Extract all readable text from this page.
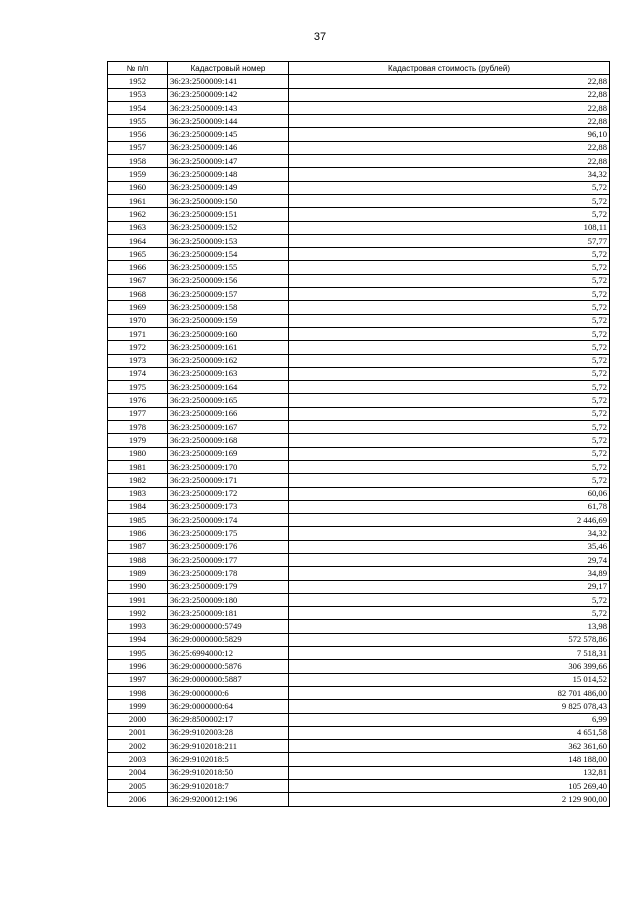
37
№ п/п	Кадастровый номер	Кадастровая стоимость (рублей)
1952	36:23:2500009:141	22,88
1953	36:23:2500009:142	22,88
1954	36:23:2500009:143	22,88
1955	36:23:2500009:144	22,88
1956	36:23:2500009:145	96,10
1957	36:23:2500009:146	22,88
1958	36:23:2500009:147	22,88
1959	36:23:2500009:148	34,32
1960	36:23:2500009:149	5,72
1961	36:23:2500009:150	5,72
1962	36:23:2500009:151	5,72
1963	36:23:2500009:152	108,11
1964	36:23:2500009:153	57,77
1965	36:23:2500009:154	5,72
1966	36:23:2500009:155	5,72
1967	36:23:2500009:156	5,72
1968	36:23:2500009:157	5,72
1969	36:23:2500009:158	5,72
1970	36:23:2500009:159	5,72
1971	36:23:2500009:160	5,72
1972	36:23:2500009:161	5,72
1973	36:23:2500009:162	5,72
1974	36:23:2500009:163	5,72
1975	36:23:2500009:164	5,72
1976	36:23:2500009:165	5,72
1977	36:23:2500009:166	5,72
1978	36:23:2500009:167	5,72
1979	36:23:2500009:168	5,72
1980	36:23:2500009:169	5,72
1981	36:23:2500009:170	5,72
1982	36:23:2500009:171	5,72
1983	36:23:2500009:172	60,06
1984	36:23:2500009:173	61,78
1985	36:23:2500009:174	2 446,69
1986	36:23:2500009:175	34,32
1987	36:23:2500009:176	35,46
1988	36:23:2500009:177	29,74
1989	36:23:2500009:178	34,89
1990	36:23:2500009:179	29,17
1991	36:23:2500009:180	5,72
1992	36:23:2500009:181	5,72
1993	36:29:0000000:5749	13,98
1994	36:29:0000000:5829	572 578,86
1995	36:25:6994000:12	7 518,31
1996	36:29:0000000:5876	306 399,66
1997	36:29:0000000:5887	15 014,52
1998	36:29:0000000:6	82 701 486,00
1999	36:29:0000000:64	9 825 078,43
2000	36:29:8500002:17	6,99
2001	36:29:9102003:28	4 651,58
2002	36:29:9102018:211	362 361,60
2003	36:29:9102018:5	148 188,00
2004	36:29:9102018:50	132,81
2005	36:29:9102018:7	105 269,40
2006	36:29:9200012:196	2 129 900,00
